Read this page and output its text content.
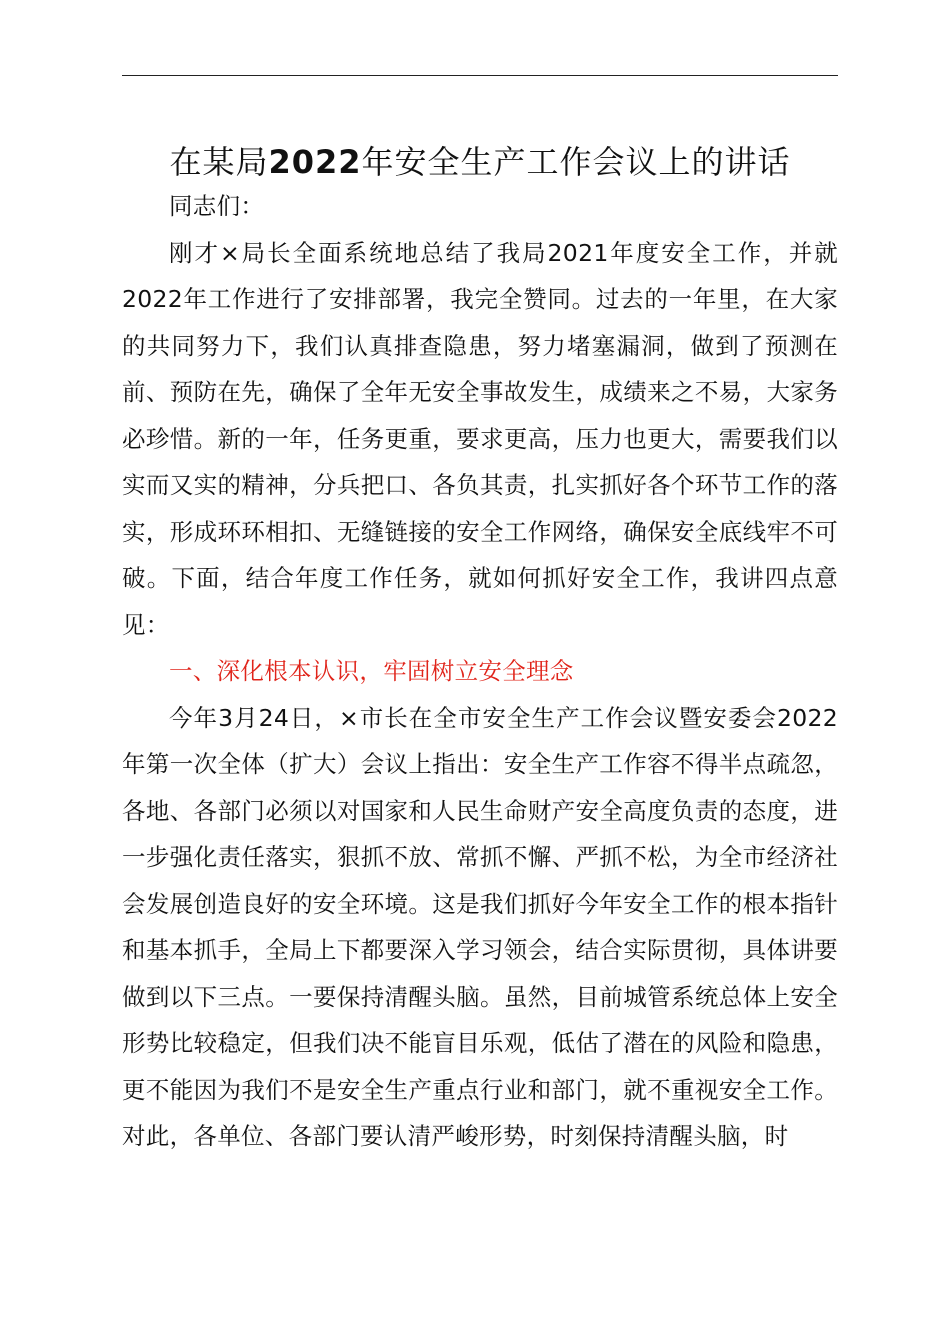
在某局2022年安全生产工作会议上的讲话

同志们：

刚才×局长全面系统地总结了我局2021年度安全工作，并就2022年工作进行了安排部署，我完全赞同。过去的一年里，在大家的共同努力下，我们认真排查隐患，努力堵塞漏洞，做到了预测在前、预防在先，确保了全年无安全事故发生，成绩来之不易，大家务必珍惜。新的一年，任务更重，要求更高，压力也更大，需要我们以实而又实的精神，分兵把口、各负其责，扎实抓好各个环节工作的落实，形成环环相扣、无缝链接的安全工作网络，确保安全底线牢不可破。下面，结合年度工作任务，就如何抓好安全工作，我讲四点意见：

一、深化根本认识，牢固树立安全理念

今年3月24日，×市长在全市安全生产工作会议暨安委会2022年第一次全体（扩大）会议上指出：安全生产工作容不得半点疏忽，各地、各部门必须以对国家和人民生命财产安全高度负责的态度，进一步强化责任落实，狠抓不放、常抓不懈、严抓不松，为全市经济社会发展创造良好的安全环境。这是我们抓好今年安全工作的根本指针和基本抓手，全局上下都要深入学习领会，结合实际贯彻，具体讲要做到以下三点。一要保持清醒头脑。虽然，目前城管系统总体上安全形势比较稳定，但我们决不能盲目乐观，低估了潜在的风险和隐患，更不能因为我们不是安全生产重点行业和部门，就不重视安全工作。对此，各单位、各部门要认清严峻形势，时刻保持清醒头脑，时
